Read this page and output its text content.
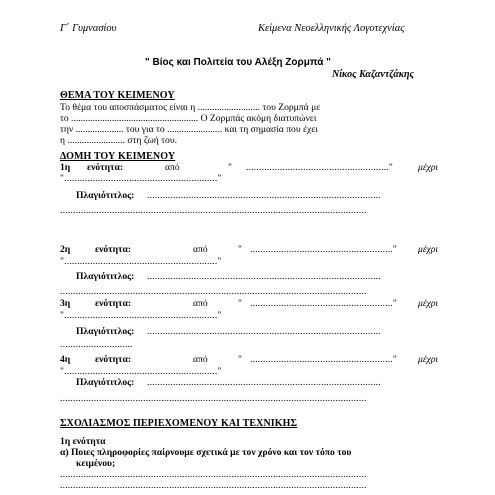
Γ΄ Γυμνασίου	Κείμενα Νεοελληνικής Λογοτεχνίας
" Βίος και Πολιτεία του Αλέξη Ζορμπά "
Νίκος Καζαντζάκης
ΘΕΜΑ ΤΟΥ ΚΕΙΜΕΝΟΥ
Το θέμα του αποσπάσματος είναι η .......................... του Ζορμπά με
το ..................................................... Ο Ζορμπάς ακόμη διατυπώνει
την .................... του για το ....................... και τη σημασία που έχει
η ........................ στη ζωή του.
ΔΟΜΗ ΤΟΥ ΚΕΙΜΕΝΟΥ
1η ενότητα:	από	" ......................................................."	μέχρι
"..........................................................."
Πλαγιότιτλος: ..........................................................................................
......................................................................................................................
2η	ενότητα:	από	" ......................................................." μέχρι
"..........................................................."
Πλαγιότιτλος: ..........................................................................................
......................................................................................................................
3η	ενότητα:	από	" ......................................................." μέχρι
"..........................................................."
Πλαγιότιτλος: ..........................................................................................
............................
4η	ενότητα:	από	" ......................................................." μέχρι
"..........................................................."
Πλαγιότιτλος: ..........................................................................................
......................................................................................................................
ΣΧΟΛΙΑΣΜΟΣ ΠΕΡΙΕΧΟΜΕΝΟΥ ΚΑΙ ΤΕΧΝΙΚΗΣ
1η ενότητα
α) Ποιες πληροφορίες παίρνουμε σχετικά με τον χρόνο και τον τόπο του
κειμένου;
......................................................................................................................
......................................................................................................................
